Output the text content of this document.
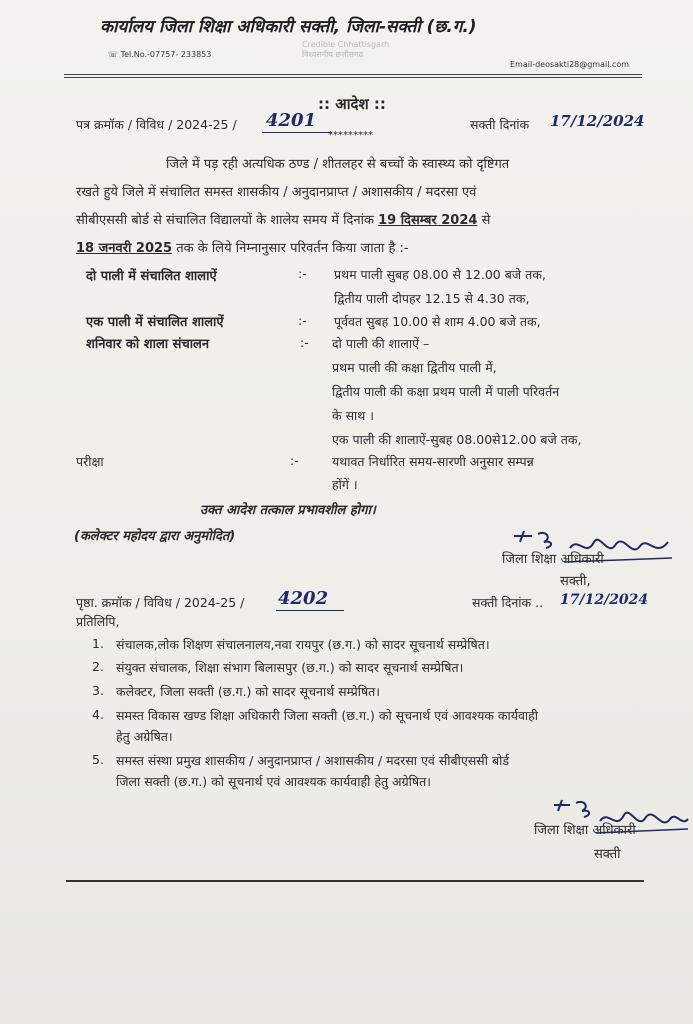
कार्यालय जिला शिक्षा अधिकारी सक्ती, जिला-सक्ती (छ.ग.)
☏ Tel.No.-07757- 233853
Credible Chhattisgarh
विश्वसनीय छत्तीसगढ़
Email-deosakti28@gmail.com
:: आदेश ::
पत्र क्रमॉक / विविध / 2024-25 / 4201
*********
सक्ती दिनांक 17/12/2024
जिले में पड़ रही अत्यधिक ठण्ड / शीतलहर से बच्चों के स्वास्थ्य को दृष्टिगत
रखते हुये जिले में संचालित समस्त शासकीय / अनुदानप्राप्त / अशासकीय / मदरसा एवं
सीबीएससी बोर्ड से संचालित विद्यालयों के शालेय समय में दिनांक 19 दिसम्बर 2024 से
18 जनवरी 2025 तक के लिये निम्नानुसार परिवर्तन किया जाता है :-
दो पाली में संचालित शालाऐं	:- प्रथम पाली सुबह 08.00 से 12.00 बजे तक,
द्वितीय पाली दोपहर 12.15 से 4.30 तक,
एक पाली में संचालित शालाऐं	:- पूर्ववत सुबह 10.00 से शाम 4.00 बजे तक,
शनिवार को शाला संचालन	:- दो पाली की शालाऐं –
प्रथम पाली की कक्षा द्वितीय पाली में,
द्वितीय पाली की कक्षा प्रथम पाली में पाली परिवर्तन
के साथ ।
एक पाली की शालाऐं-सुबह 08.00से12.00 बजे तक,
परीक्षा	:-	यथावत निर्धारित समय-सारणी अनुसार सम्पन्न
होंगें ।
उक्त आदेश तत्काल प्रभावशील होगा।
(कलेक्टर महोदय द्वारा अनुमोदित)
जिला शिक्षा अधिकारी
सक्ती,
पृष्ठा. क्रमॉक / विविध / 2024-25 / 4202	सक्ती दिनांक .. 17/12/2024
प्रतिलिपि,
1. संचालक,लोक शिक्षण संचालनालय,नवा रायपुर (छ.ग.) को सादर सूचनार्थ सम्प्रेषित।
2. संयुक्त संचालक, शिक्षा संभाग बिलासपुर (छ.ग.) को सादर सूचनार्थ सम्प्रेषित।
3. कलेक्टर, जिला सक्ती (छ.ग.) को सादर सूचनार्थ सम्प्रेषित।
4. समस्त विकास खण्ड शिक्षा अधिकारी जिला सक्ती (छ.ग.) को सूचनार्थ एवं आवश्यक कार्यवाही
हेतु अग्रेषित।
5. समस्त संस्था प्रमुख शासकीय / अनुदानप्राप्त / अशासकीय / मदरसा एवं सीबीएससी बोर्ड
जिला सक्ती (छ.ग.) को सूचनार्थ एवं आवश्यक कार्यवाही हेतु अग्रेषित।
जिला शिक्षा अधिकारी
सक्ती
